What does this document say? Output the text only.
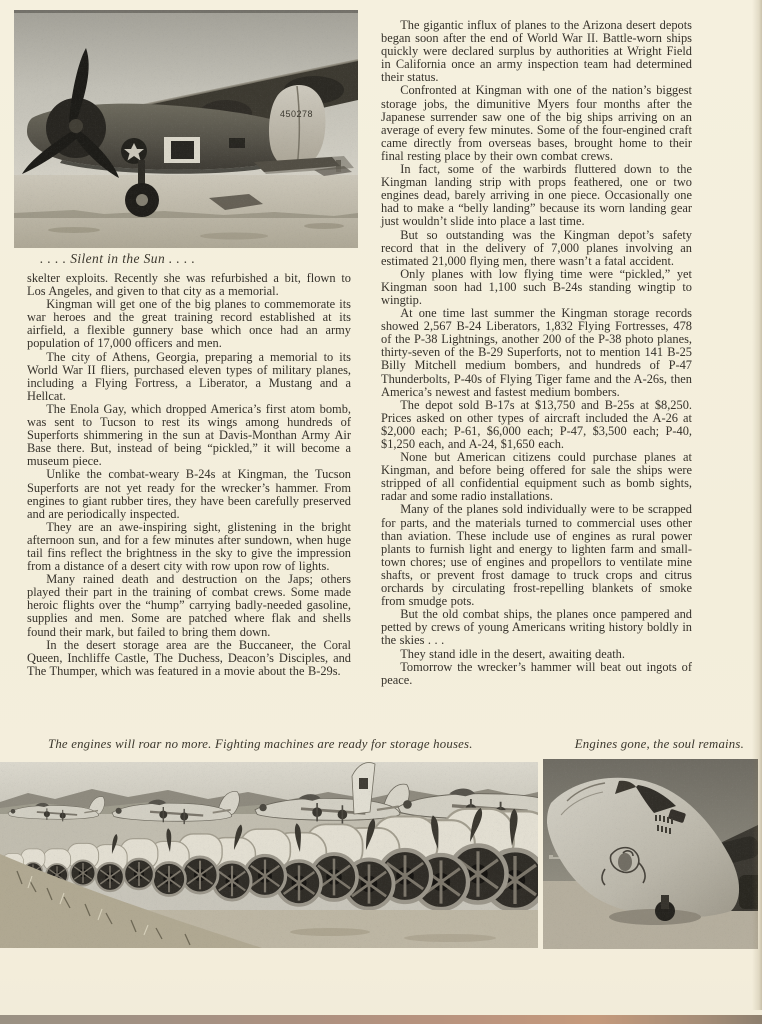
450278
. . . . Silent in the Sun . . . .

skelter exploits. Recently she was refurbished a bit, flown to Los Angeles, and given to that city as a memorial.

Kingman will get one of the big planes to commemorate its war heroes and the great training record established at its airfield, a flexible gunnery base which once had an army population of 17,000 officers and men.

The city of Athens, Georgia, preparing a memorial to its World War II fliers, purchased eleven types of military planes, including a Flying Fortress, a Liberator, a Mustang and a Hellcat.

The Enola Gay, which dropped America’s first atom bomb, was sent to Tucson to rest its wings among hundreds of Superforts shimmering in the sun at Davis-Monthan Army Air Base there. But, instead of being “pickled,” it will become a museum piece.

Unlike the combat-weary B-24s at Kingman, the Tucson Superforts are not yet ready for the wrecker’s hammer. From engines to giant rubber tires, they have been carefully preserved and are periodically inspected.

They are an awe-inspiring sight, glistening in the bright afternoon sun, and for a few minutes after sundown, when huge tail fins reflect the brightness in the sky to give the impression from a distance of a desert city with row upon row of lights.

Many rained death and destruction on the Japs; others played their part in the training of combat crews. Some made heroic flights over the “hump” carrying badly-needed gasoline, supplies and men. Some are patched where flak and shells found their mark, but failed to bring them down.

In the desert storage area are the Buccaneer, the Coral Queen, Inchliffe Castle, The Duchess, Deacon’s Disciples, and The Thumper, which was featured in a movie about the B-29s.

The gigantic influx of planes to the Arizona desert depots began soon after the end of World War II. Battle-worn ships quickly were declared surplus by authorities at Wright Field in California once an army inspection team had determined their status.

Confronted at Kingman with one of the nation’s biggest storage jobs, the dimunitive Myers four months after the Japanese surrender saw one of the big ships arriving on an average of every few minutes. Some of the four-engined craft came directly from overseas bases, brought home to their final resting place by their own combat crews.

In fact, some of the warbirds fluttered down to the Kingman landing strip with props feathered, one or two engines dead, barely arriving in one piece. Occasionally one had to make a “belly landing” because its worn landing gear just wouldn’t slide into place a last time.

But so outstanding was the Kingman depot’s safety record that in the delivery of 7,000 planes involving an estimated 21,000 flying men, there wasn’t a fatal accident.

Only planes with low flying time were “pickled,” yet Kingman soon had 1,100 such B-24s standing wingtip to wingtip.

At one time last summer the Kingman storage records showed 2,567 B-24 Liberators, 1,832 Flying Fortresses, 478 of the P-38 Lightnings, another 200 of the P-38 photo planes, thirty-seven of the B-29 Superforts, not to mention 141 B-25 Billy Mitchell medium bombers, and hundreds of P-47 Thunderbolts, P-40s of Flying Tiger fame and the A-26s, then America’s newest and fastest medium bombers.

The depot sold B-17s at $13,750 and B-25s at $8,250. Prices asked on other types of aircraft included the A-26 at $2,000 each; P-61, $6,000 each; P-47, $3,500 each; P-40, $1,250 each, and A-24, $1,650 each.

None but American citizens could purchase planes at Kingman, and before being offered for sale the ships were stripped of all confidential equipment such as bomb sights, radar and some radio installations.

Many of the planes sold individually were to be scrapped for parts, and the materials turned to commercial uses other than aviation. These include use of engines as rural power plants to furnish light and energy to lighten farm and small-town chores; use of engines and propellors to ventilate mine shafts, or prevent frost damage to truck crops and citrus orchards by circulating frost-repelling blankets of smoke from smudge pots.

But the old combat ships, the planes once pampered and petted by crews of young Americans writing history boldly in the skies . . .

They stand idle in the desert, awaiting death.

Tomorrow the wrecker’s hammer will beat out ingots of peace.

The engines will roar no more. Fighting machines are ready for storage houses.	Engines gone, the soul remains.
